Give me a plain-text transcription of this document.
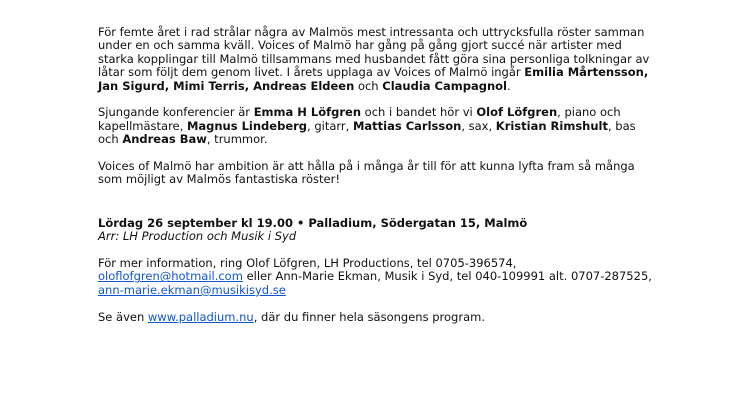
För femte året i rad strålar några av Malmös mest intressanta och uttrycksfulla röster samman under en och samma kväll. Voices of Malmö har gång på gång gjort succé när artister med starka kopplingar till Malmö tillsammans med husbandet fått göra sina personliga tolkningar av låtar som följt dem genom livet. I årets upplaga av Voices of Malmö ingår Emilia Mårtensson, Jan Sigurd, Mimi Terris, Andreas Eldeen och Claudia Campagnol.

Sjungande konferencier är Emma H Löfgren och i bandet hör vi Olof Löfgren, piano och kapellmästare, Magnus Lindeberg, gitarr, Mattias Carlsson, sax, Kristian Rimshult, bas och Andreas Baw, trummor.

Voices of Malmö har ambition är att hålla på i många år till för att kunna lyfta fram så många som möjligt av Malmös fantastiska röster!

Lördag 26 september kl 19.00 • Palladium, Södergatan 15, Malmö

Arr: LH Production och Musik i Syd

För mer information, ring Olof Löfgren, LH Productions, tel 0705-396574, oloflofgren@hotmail.com eller Ann-Marie Ekman, Musik i Syd, tel 040-109991 alt. 0707-287525, ann-marie.ekman@musikisyd.se

Se även www.palladium.nu, där du finner hela säsongens program.
